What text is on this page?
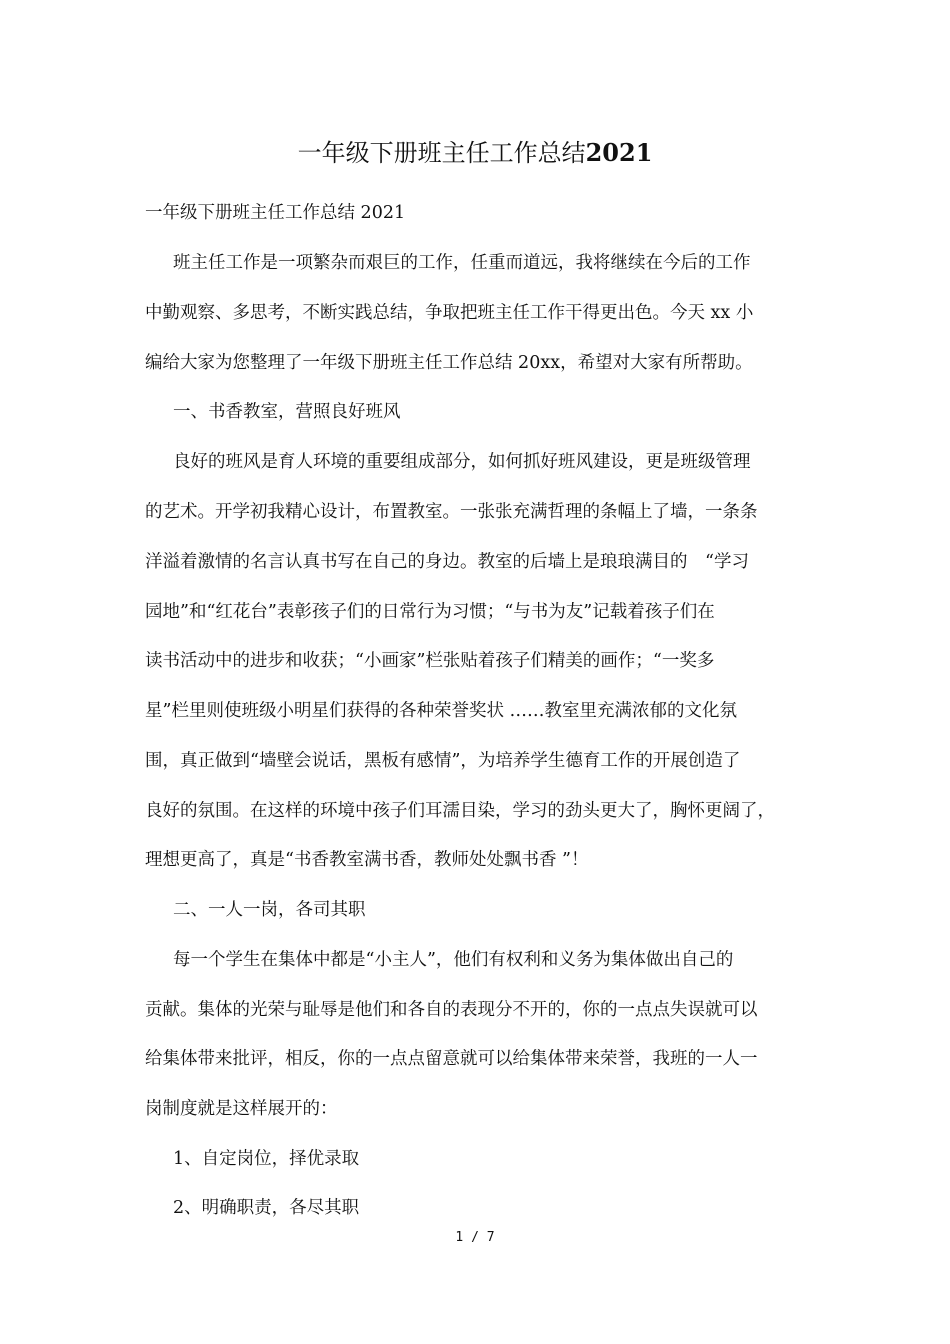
一年级下册班主任工作总结2021
一年级下册班主任工作总结 2021
班主任工作是一项繁杂而艰巨的工作，任重而道远，我将继续在今后的工作
中勤观察、多思考，不断实践总结，争取把班主任工作干得更出色。今天 xx 小
编给大家为您整理了一年级下册班主任工作总结 20xx，希望对大家有所帮助。
一、书香教室，营照良好班风
良好的班风是育人环境的重要组成部分，如何抓好班风建设，更是班级管理
的艺术。开学初我精心设计，布置教室。一张张充满哲理的条幅上了墙，一条条
洋溢着激情的名言认真书写在自己的身边。教室的后墙上是琅琅满目的　“学习
园地”和“红花台”表彰孩子们的日常行为习惯；“与书为友”记载着孩子们在
读书活动中的进步和收获；“小画家”栏张贴着孩子们精美的画作；“一奖多
星”栏里则使班级小明星们获得的各种荣誉奖状 ……教室里充满浓郁的文化氛
围，真正做到“墙壁会说话，黑板有感情”，为培养学生德育工作的开展创造了
良好的氛围。在这样的环境中孩子们耳濡目染，学习的劲头更大了，胸怀更阔了，
理想更高了，真是“书香教室满书香，教师处处飘书香 ”！
二、一人一岗，各司其职
每一个学生在集体中都是“小主人”，他们有权利和义务为集体做出自己的
贡献。集体的光荣与耻辱是他们和各自的表现分不开的，你的一点点失误就可以
给集体带来批评，相反，你的一点点留意就可以给集体带来荣誉，我班的一人一
岗制度就是这样展开的：
1、自定岗位，择优录取
2、明确职责，各尽其职
1 / 7
